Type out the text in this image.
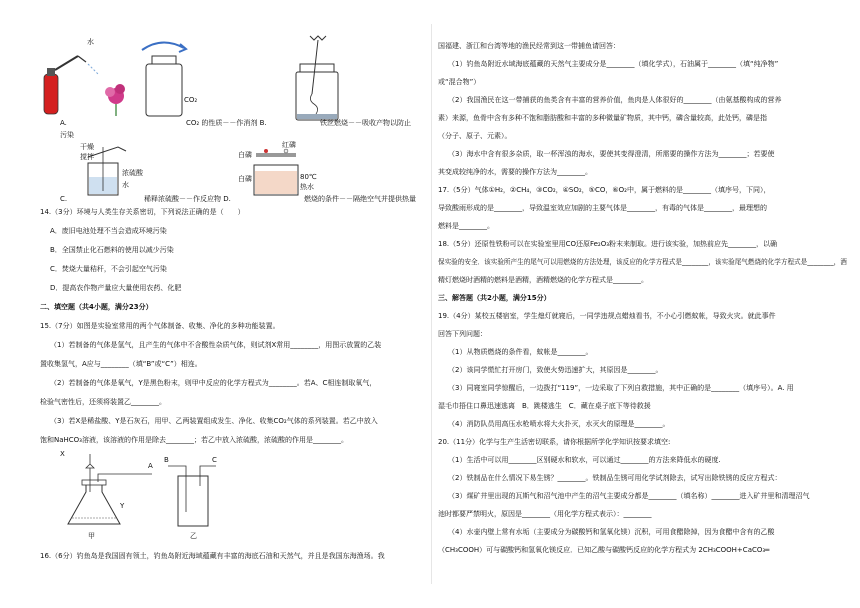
水
CO₂
A.	CO₂ 的性质－－作消剂 B.	铁丝燃烧－－吸收产物以防止
污染
干燥
搅拌
浓硫酸
水
红磷
白磷
白磷	80℃
热水
C.	稀释浓硫酸－－作反应物 D.	燃烧的条件－－隔绝空气并提供热量
14.（3分）环境与人类生存关系密切，下列说法正确的是（　　）
A．废旧电池处理不当会造成环境污染
B．全国禁止化石燃料的使用以减少污染
C．焚烧大量秸秆，不会引起空气污染
D．提高农作物产量应大量使用农药、化肥
二、填空题（共4小题，满分23分）
15.（7分）如图是实验室常用的两个气体制备、收集、净化的多种功能装置。
（1）若制备的气体是氢气，且产生的气体中不含酸性杂质气体，则试剂X常用________，用图示放置的乙装
置收集氢气，A应与________（填“B”或“C”）相连。
（2）若制备的气体是氧气，Y是黑色粉末，则甲中反应的化学方程式为________。若A、C相连制取氧气，
检验气密性后，还须将装置乙________。
（3）若X是稀盐酸、Y是石灰石，用甲、乙两装置组成发生、净化、收集CO₂气体的系列装置。若乙中放入
饱和NaHCO₃溶液，该溶液的作用是除去________；若乙中放入浓硫酸，浓硫酸的作用是________。
X
A
B	C
Y
甲	乙
16.（6分）钓鱼岛是我国固有领土，钓鱼岛附近海域蕴藏有丰富的海底石油和天然气，并且是我国东海渔场。我
国福建、浙江和台湾等地的渔民经常到这一带捕鱼请回答：
（1）钓鱼岛附近水域海底蕴藏的天然气主要成分是________（填化学式），石油属于________（填“纯净物”
或“混合物”）
（2）我国渔民在这一带捕获的鱼类含有丰富的营养价值，鱼肉是人体很好的________（由氨基酸构成的营养
素）来源，鱼骨中含有多种不饱和脂肪酸和丰富的多种微量矿物质，其中钙，磷含量较高，此处钙，磷是指
（分子、原子、元素）。
（3）海水中含有很多杂质，取一杯浑浊的海水，要使其变得澄清，所需要的操作方法为________；若要使
其变成较纯净的水，需要的操作方法为________。
17.（5分）气体①H₂，②CH₄，③CO₂，④SO₂，⑤CO，⑥O₂中，属于燃料的是________（填序号，下同），
导致酸雨形成的是________，导致温室效应加剧的主要气体是________，有毒的气体是________，最理想的
燃料是________。
18.（5分）还原性铁粉可以在实验室里用CO还原Fe₂O₃粉末来制取。进行该实验，加热前应先________，以确
保实验的安全．该实验所产生的尾气可以用燃烧的方法处理，该反应的化学方程式是________，该实验尾气燃烧的化学方程式是________，酒
精灯燃烧时酒精的燃料是酒精，酒精燃烧的化学方程式是________。
三、解答题（共2小题，满分15分）
19.（4分）某校五楼宿室，学生熄灯就寝后，一同学违规点蜡烛看书，不小心引燃蚊帐，导致火灾。就此事件
回答下列问题：
（1）从物质燃烧的条件看，蚊帐是________。
（2）该同学慌忙打开房门，致使火势迅速扩大，其原因是________。
（3）同寝室同学惊醒后，一边拨打“119”，一边采取了下列自救措施，其中正确的是________（填序号）。A. 用
湿毛巾捂住口鼻迅速逃离　B．跳楼逃生　C．藏在桌子底下等待救援
（4）消防队员用高压水枪喷水将大火扑灭，水灭火的原理是________。
20.（11分）化学与生产生活密切联系，请你根据所学化学知识按要求填空:
（1）生活中可以用________区别硬水和软水，可以通过________的方法来降低水的硬度.
（2）铁制品在什么情况下易生锈？________。铁制品生锈可用化学试剂除去，试写出除铁锈的反应方程式：
（3）煤矿井里出现的瓦斯气和沼气池中产生的沼气主要成分都是________（填名称）________进入矿井里和清理沼气
池时都要严禁明火，原因是________（用化学方程式表示）：________
（4）水壶内壁上常有水垢（主要成分为碳酸钙和氢氧化镁）沉积，可用食醋除掉，因为食醋中含有的乙酸
（CH₃COOH）可与碳酸钙和氢氧化镁反应．已知乙酸与碳酸钙反应的化学方程式为 2CH₃COOH+CaCO₃═
